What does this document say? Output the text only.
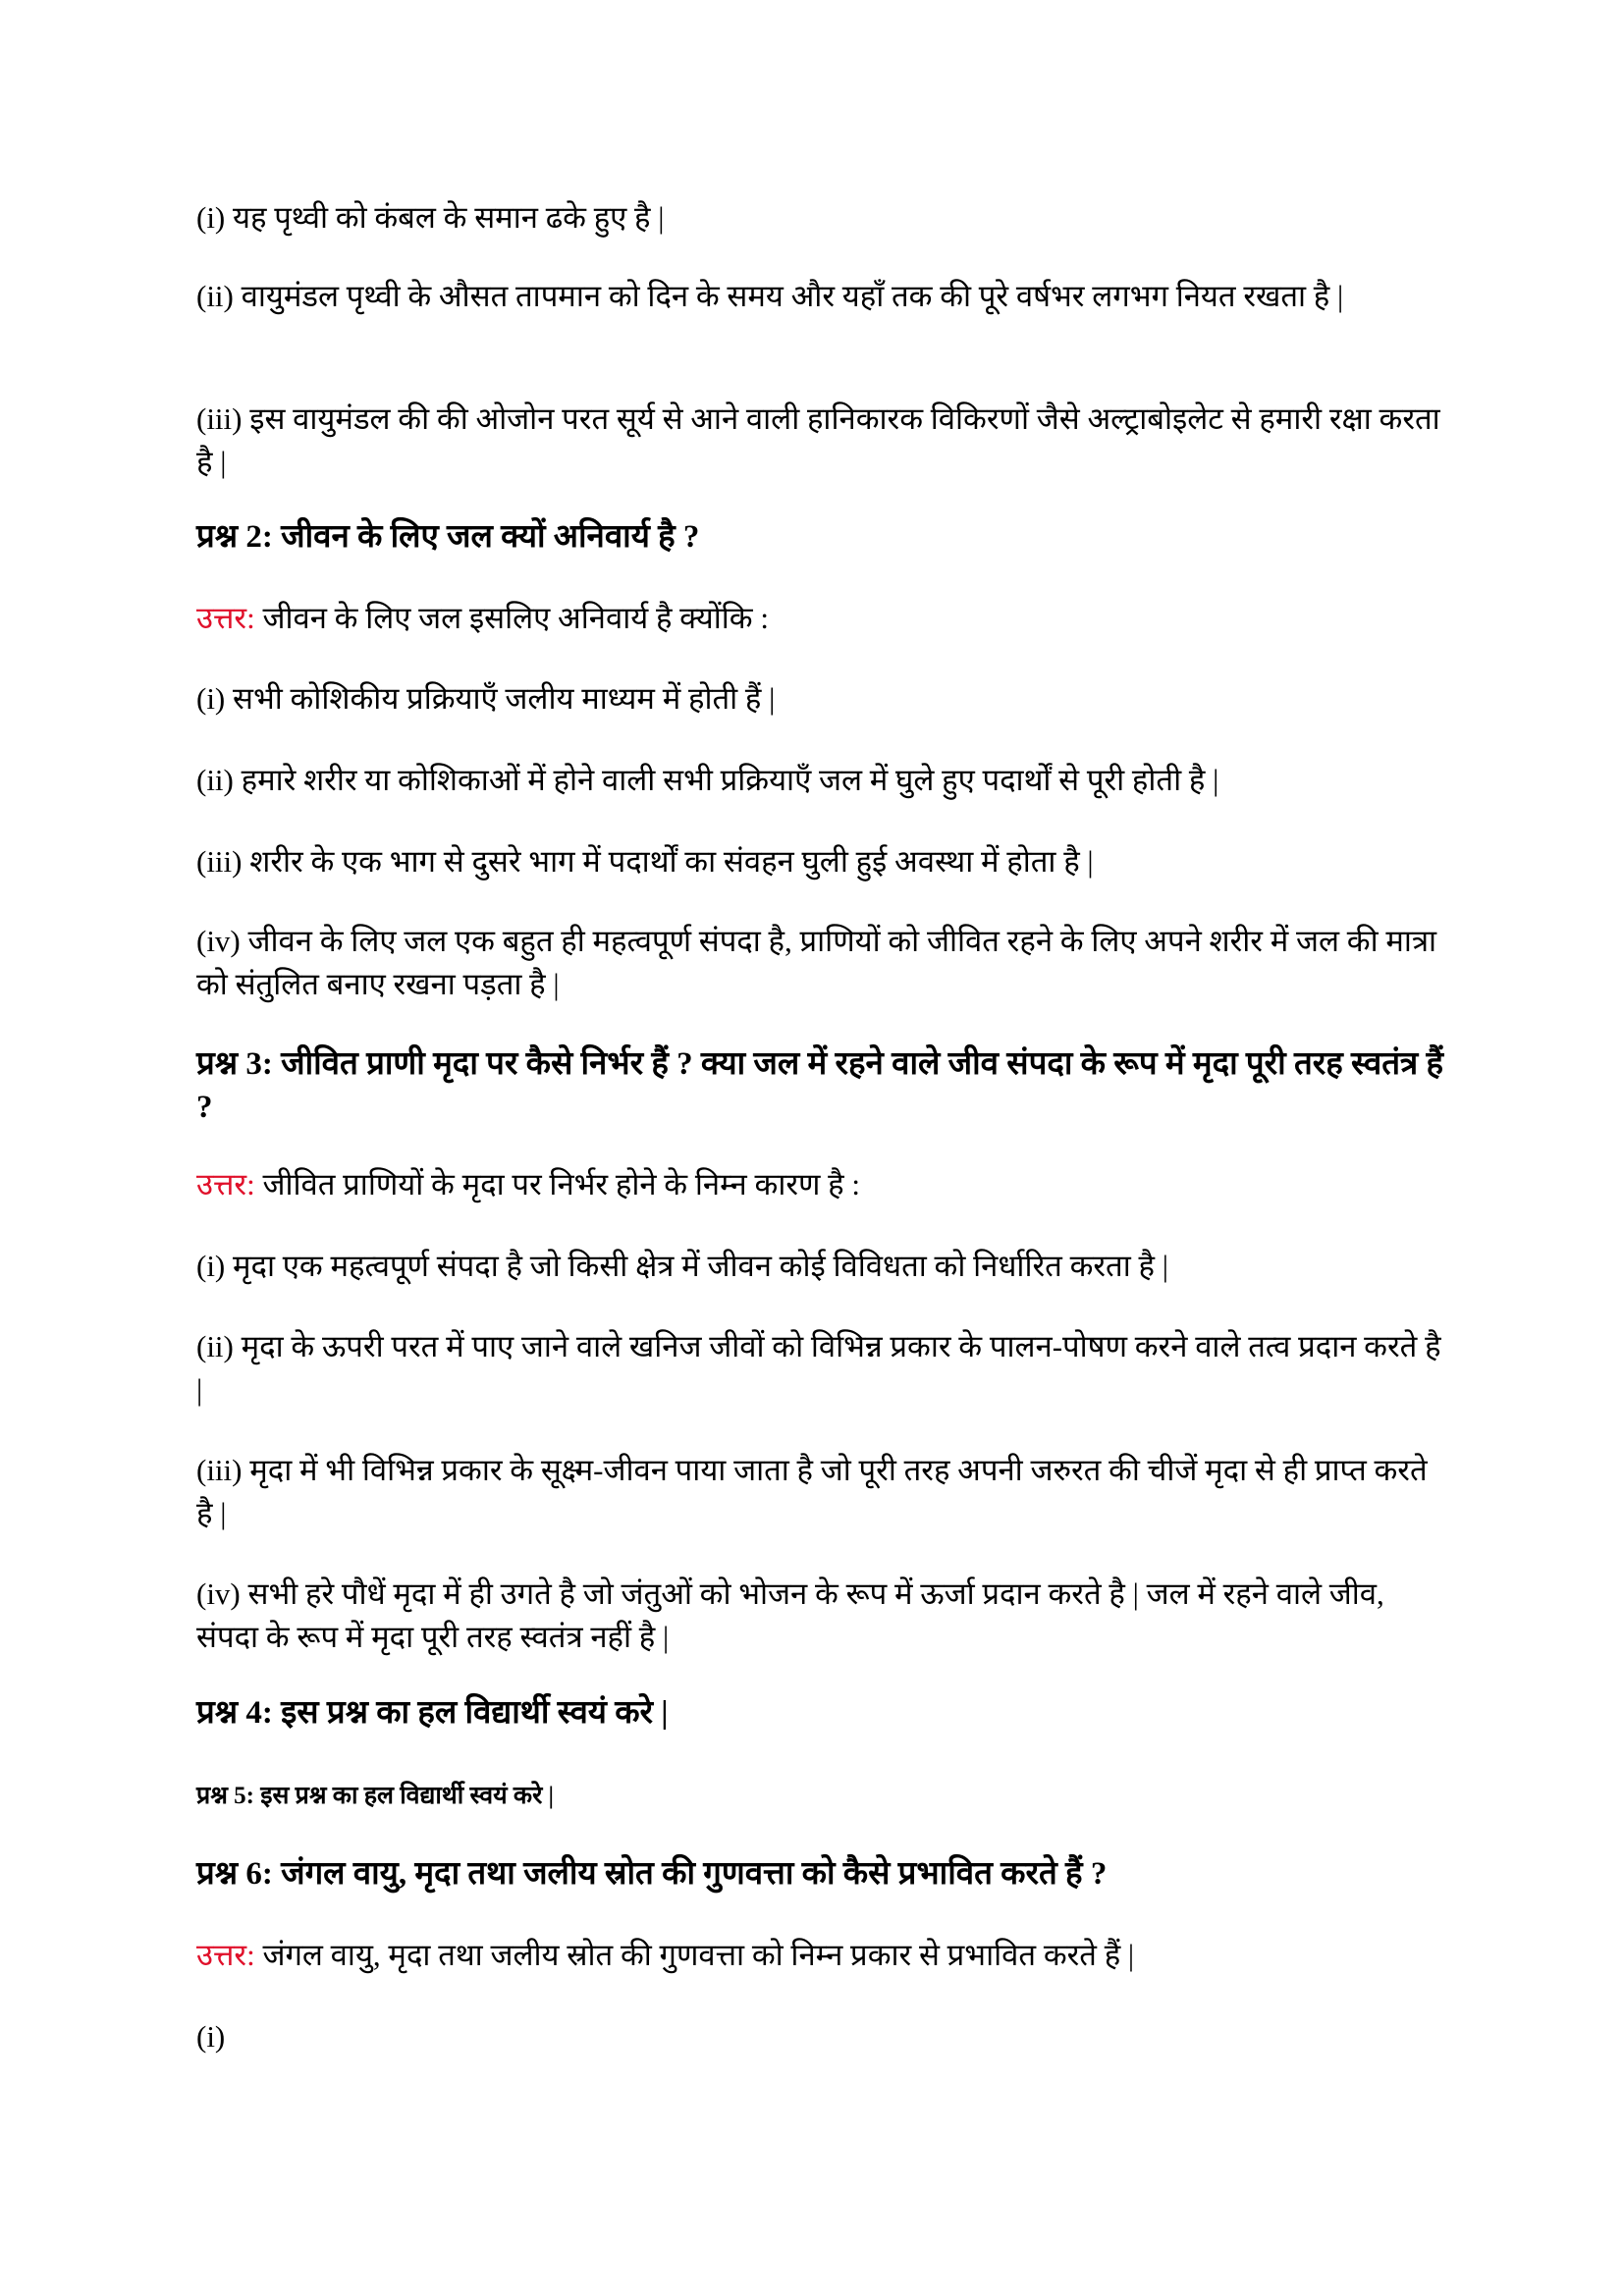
(i) यह पृथ्वी को कंबल के समान ढके हुए है |

(ii) वायुमंडल पृथ्वी के औसत तापमान को दिन के समय और यहाँ तक की पूरे वर्षभर लगभग नियत रखता है |

(iii) इस वायुमंडल की की ओजोन परत सूर्य से आने वाली हानिकारक विकिरणों जैसे अल्ट्राबोइलेट से हमारी रक्षा करता है |

प्रश्न 2: जीवन के लिए जल क्यों अनिवार्य है ?

उत्तर: जीवन के लिए जल इसलिए अनिवार्य है क्योंकि :

(i) सभी कोशिकीय प्रक्रियाएँ जलीय माध्यम में होती हैं |

(ii) हमारे शरीर या कोशिकाओं में होने वाली सभी प्रक्रियाएँ जल में घुले हुए पदार्थों से पूरी होती है |

(iii) शरीर के एक भाग से दुसरे भाग में पदार्थों का संवहन घुली हुई अवस्था में होता है |

(iv) जीवन के लिए जल एक बहुत ही महत्वपूर्ण संपदा है, प्राणियों को जीवित रहने के लिए अपने शरीर में जल की मात्रा को संतुलित बनाए रखना पड़ता है |

प्रश्न 3: जीवित प्राणी मृदा पर कैसे निर्भर हैं ? क्या जल में रहने वाले जीव संपदा के रूप में मृदा पूरी तरह स्वतंत्र हैं ?

उत्तर: जीवित प्राणियों के मृदा पर निर्भर होने के निम्न कारण है :

(i) मृदा एक महत्वपूर्ण संपदा है जो किसी क्षेत्र में जीवन कोई विविधता को निर्धारित करता है |

(ii) मृदा के ऊपरी परत में पाए जाने वाले खनिज जीवों को विभिन्न प्रकार के पालन-पोषण करने वाले तत्व प्रदान करते है |

(iii) मृदा में भी विभिन्न प्रकार के सूक्ष्म-जीवन पाया जाता है जो पूरी तरह अपनी जरुरत की चीजें मृदा से ही प्राप्त करते है |

(iv) सभी हरे पौधें मृदा में ही उगते है जो जंतुओं को भोजन के रूप में ऊर्जा प्रदान करते है | जल में रहने वाले जीव, संपदा के रूप में मृदा पूरी तरह स्वतंत्र नहीं है |

प्रश्न 4: इस प्रश्न का हल विद्यार्थी स्वयं करे |

प्रश्न 5: इस प्रश्न का हल विद्यार्थी स्वयं करे |

प्रश्न 6: जंगल वायु, मृदा तथा जलीय स्रोत की गुणवत्ता को कैसे प्रभावित करते हैं ?

उत्तर: जंगल वायु, मृदा तथा जलीय स्रोत की गुणवत्ता को निम्न प्रकार से प्रभावित करते हैं |

(i)
